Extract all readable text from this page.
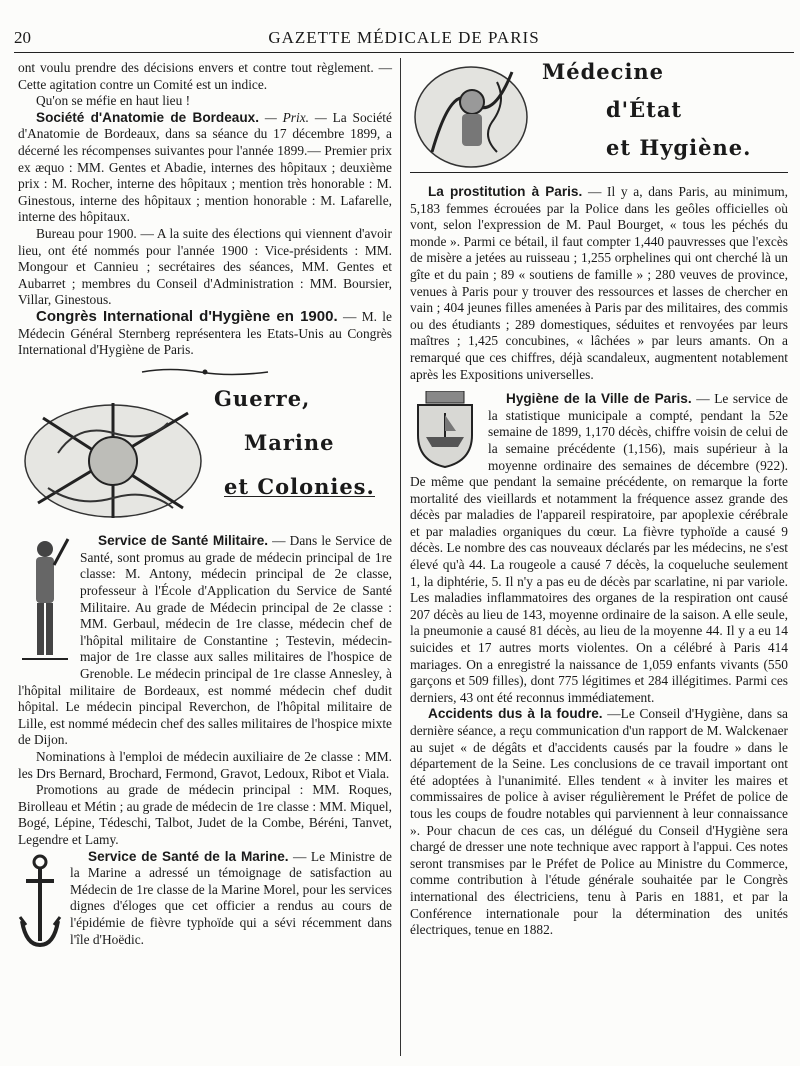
20	GAZETTE MÉDICALE DE PARIS

ont voulu prendre des décisions envers et contre tout règlement. — Cette agitation contre un Comité est un indice.

Qu'on se méfie en haut lieu !

Société d'Anatomie de Bordeaux. — Prix. — La Société d'Anatomie de Bordeaux, dans sa séance du 17 décembre 1899, a décerné les récompenses suivantes pour l'année 1899.— Premier prix ex æquo : MM. Gentes et Abadie, internes des hôpitaux ; deuxième prix : M. Rocher, interne des hôpitaux ; mention très honorable : M. Ginestous, interne des hôpitaux ; mention honorable : M. Lafarelle, interne des hôpitaux.

Bureau pour 1900. — A la suite des élections qui viennent d'avoir lieu, ont été nommés pour l'année 1900 : Vice-présidents : MM. Mongour et Cannieu ; secrétaires des séances, MM. Gentes et Aubarret ; membres du Conseil d'Administration : MM. Boursier, Villar, Ginestous.

Congrès International d'Hygiène en 1900. — M. le Médecin Général Sternberg représentera les Etats-Unis au Congrès International d'Hygiène de Paris.

Guerre,
Marine
et Colonies.

Service de Santé Militaire. — Dans le Service de Santé, sont promus au grade de médecin principal de 1re classe: M. Antony, médecin principal de 2e classe, professeur à l'École d'Application du Service de Santé Militaire. Au grade de Médecin principal de 2e classe : MM. Gerbaul, médecin de 1re classe, médecin chef de l'hôpital militaire de Constantine ; Testevin, médecin-major de 1re classe aux salles militaires de l'hospice de Grenoble. Le médecin principal de 1re classe Annesley, à l'hôpital militaire de Bordeaux, est nommé médecin chef dudit hôpital. Le médecin pincipal Reverchon, de l'hôpital militaire de Lille, est nommé médecin chef des salles militaires de l'hospice mixte de Dijon.

Nominations à l'emploi de médecin auxiliaire de 2e classe : MM. les Drs Bernard, Brochard, Fermond, Gravot, Ledoux, Ribot et Viala.

Promotions au grade de médecin principal : MM. Roques, Birolleau et Métin ; au grade de médecin de 1re classe : MM. Miquel, Bogé, Lépine, Tédeschi, Talbot, Judet de la Combe, Béréni, Tanvet, Legendre et Lamy.

Service de Santé de la Marine. — Le Ministre de la Marine a adressé un témoignage de satisfaction au Médecin de 1re classe de la Marine Morel, pour les services dignes d'éloges que cet officier a rendus au cours de l'épidémie de fièvre typhoïde qui a sévi récemment dans l'île d'Hoëdic.

Médecine
d'État
et Hygiène.

La prostitution à Paris. — Il y a, dans Paris, au minimum, 5,183 femmes écrouées par la Police dans les geôles officielles où vont, selon l'expression de M. Paul Bourget, « tous les péchés du monde ». Parmi ce bétail, il faut compter 1,440 pauvresses que l'excès de misère a jetées au ruisseau ; 1,255 orphelines qui ont cherché là un gîte et du pain ; 89 « soutiens de famille » ; 280 veuves de province, venues à Paris pour y trouver des ressources et lasses de chercher en vain ; 404 jeunes filles amenées à Paris par des militaires, des commis ou des étudiants ; 289 domestiques, séduites et renvoyées par leurs maîtres ; 1,425 concubines, « lâchées » par leurs amants. On a remarqué que ces chiffres, déjà scandaleux, augmentent notablement après les Expositions universelles.

Hygiène de la Ville de Paris. — Le service de la statistique municipale a compté, pendant la 52e semaine de 1899, 1,170 décès, chiffre voisin de celui de la semaine précédente (1,156), mais supérieur à la moyenne ordinaire des semaines de décembre (922). De même que pendant la semaine précédente, on remarque la forte mortalité des vieillards et notamment la fréquence assez grande des décès par maladies de l'appareil respiratoire, par apoplexie cérébrale et par maladies organiques du cœur. La fièvre typhoïde a causé 9 décès. Le nombre des cas nouveaux déclarés par les médecins, ne s'est élevé qu'à 44. La rougeole a causé 7 décès, la coqueluche seulement 1, la diphtérie, 5. Il n'y a pas eu de décès par scarlatine, ni par variole. Les maladies inflammatoires des organes de la respiration ont causé 207 décès au lieu de 143, moyenne ordinaire de la saison. A elle seule, la pneumonie a causé 81 décès, au lieu de la moyenne 44. Il y a eu 14 suicides et 17 autres morts violentes. On a célébré à Paris 414 mariages. On a enregistré la naissance de 1,059 enfants vivants (550 garçons et 509 filles), dont 775 légitimes et 284 illégitimes. Parmi ces derniers, 43 ont été reconnus immédiatement.

Accidents dus à la foudre. —Le Conseil d'Hygiène, dans sa dernière séance, a reçu communication d'un rapport de M. Walckenaer au sujet « de dégâts et d'accidents causés par la foudre » dans le département de la Seine. Les conclusions de ce travail important ont été adoptées à l'unanimité. Elles tendent « à inviter les maires et commissaires de police à aviser régulièrement le Préfet de police de tous les coups de foudre notables qui parviennent à leur connaissance ». Pour chacun de ces cas, un délégué du Conseil d'Hygiène sera chargé de dresser une note technique avec rapport à l'appui. Ces notes seront transmises par le Préfet de Police au Ministre du Commerce, comme contribution à l'étude générale souhaitée par le Congrès international des électriciens, tenu à Paris en 1881, et par la Conférence internationale pour la détermination des unités électriques, tenue en 1882.
